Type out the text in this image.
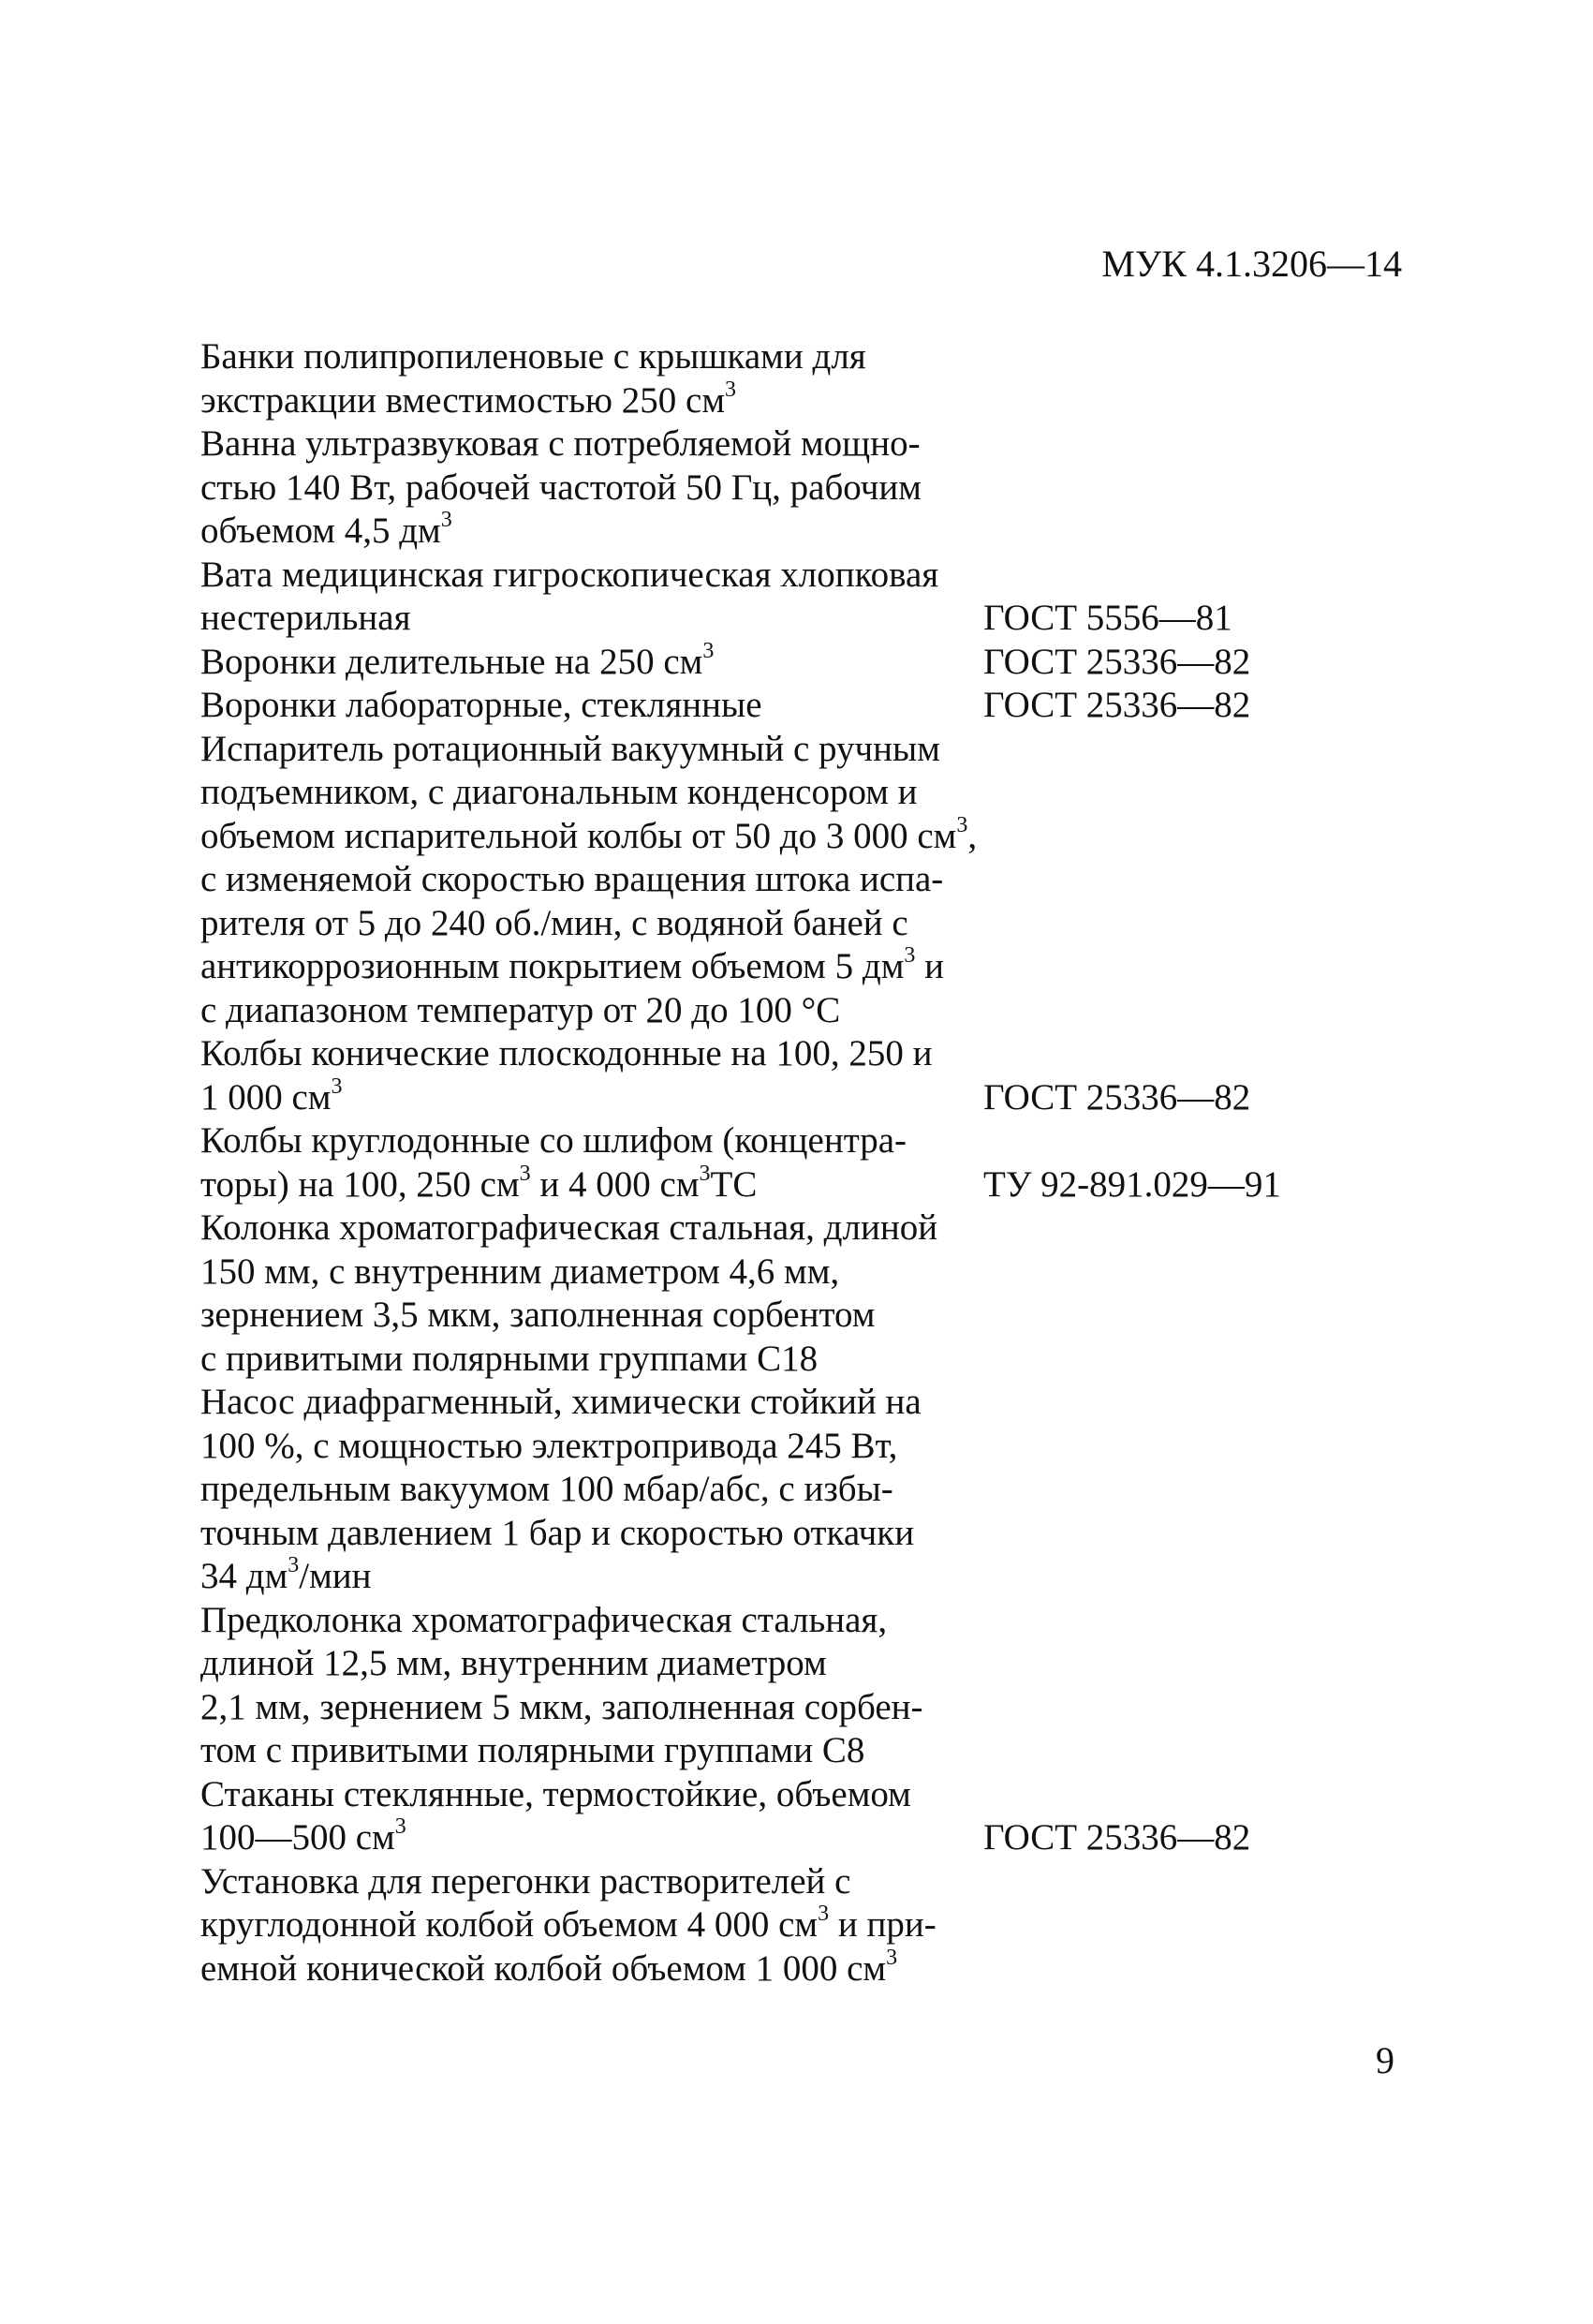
МУК 4.1.3206—14
Банки полипропиленовые с крышками для
экстракции вместимостью 250 $см^3$
Ванна ультразвуковая с потребляемой мощно-
стью 140 Вт, рабочей частотой 50 Гц, рабочим
объемом 4,5 $дм^3$
Вата медицинская гигроскопическая хлопковая
нестерильная	ГОСТ 5556—81
Воронки делительные на 250 $см^3$	ГОСТ 25336—82
Воронки лабораторные, стеклянные	ГОСТ 25336—82
Испаритель ротационный вакуумный с ручным
подъемником, с диагональным конденсором и
объемом испарительной колбы от 50 до 3 000 $см^3$,
с изменяемой скоростью вращения штока испа-
рителя от 5 до 240 об./мин, с водяной баней с
антикоррозионным покрытием объемом 5 $дм^3$ и
с диапазоном температур от 20 до 100 °С
Колбы конические плоскодонные на 100, 250 и
1 000 $см^3$	ГОСТ 25336—82
Колбы круглодонные со шлифом (концентра-
торы) на 100, 250 $см^3$ и 4 000 $см^3ТС$	ТУ 92-891.029—91
Колонка хроматографическая стальная, длиной
150 мм, с внутренним диаметром 4,6 мм,
зернением 3,5 мкм, заполненная сорбентом
с привитыми полярными группами С18
Насос диафрагменный, химически стойкий на
100 %, с мощностью электропривода 245 Вт,
предельным вакуумом 100 мбар/абс, с избы-
точным давлением 1 бар и скоростью откачки
34 $дм^3$/мин
Предколонка хроматографическая стальная,
длиной 12,5 мм, внутренним диаметром
2,1 мм, зернением 5 мкм, заполненная сорбен-
том с привитыми полярными группами С8
Стаканы стеклянные, термостойкие, объемом
100—500 $см^3$	ГОСТ 25336—82
Установка для перегонки растворителей с
круглодонной колбой объемом 4 000 $см^3$ и при-
емной конической колбой объемом 1 000 $см^3$
9
